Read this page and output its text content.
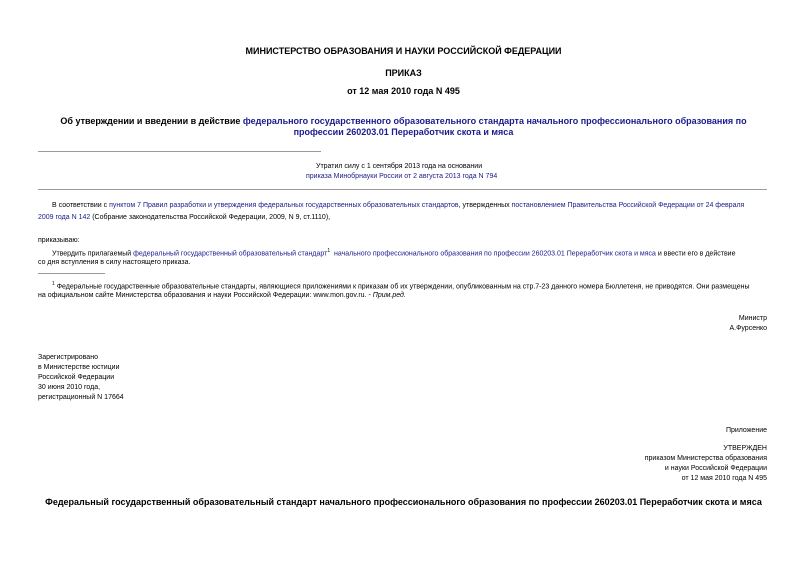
МИНИСТЕРСТВО ОБРАЗОВАНИЯ И НАУКИ РОССИЙСКОЙ ФЕДЕРАЦИИ
ПРИКАЗ
от 12 мая 2010 года N 495
Об утверждении и введении в действие федерального государственного образовательного стандарта начального профессионального образования по
профессии 260203.01 Переработчик скота и мяса
Утратил силу с 1 сентября 2013 года на основании
приказа Минобрнауки России от 2 августа 2013 года N 794
В соответствии с пунктом 7 Правил разработки и утверждения федеральных государственных образовательных стандартов, утвержденных постановлением Правительства Российской Федерации от 24 февраля
2009 года N 142 (Собрание законодательства Российской Федерации, 2009, N 9, ст.1110),
приказываю:
Утвердить прилагаемый федеральный государственный образовательный стандарт$^1$ начального профессионального образования по профессии 260203.01 Переработчик скота и мяса и ввести его в действие
со дня вступления в силу настоящего приказа.
$^1$ Федеральные государственные образовательные стандарты, являющиеся приложениями к приказам об их утверждении, опубликованным на стр.7-23 данного номера Бюллетеня, не приводятся. Они размещены
на официальном сайте Министерства образования и науки Российской Федерации: www.mon.gov.ru. - Прим.ред.
Министр
А.Фурсенко
Зарегистрировано
в Министерстве юстиции
Российской Федерации
30 июня 2010 года,
регистрационный N 17664
Приложение
УТВЕРЖДЕН
приказом Министерства образования
и науки Российской Федерации
от 12 мая 2010 года N 495
Федеральный государственный образовательный стандарт начального профессионального образования по профессии 260203.01 Переработчик скота и мяса
